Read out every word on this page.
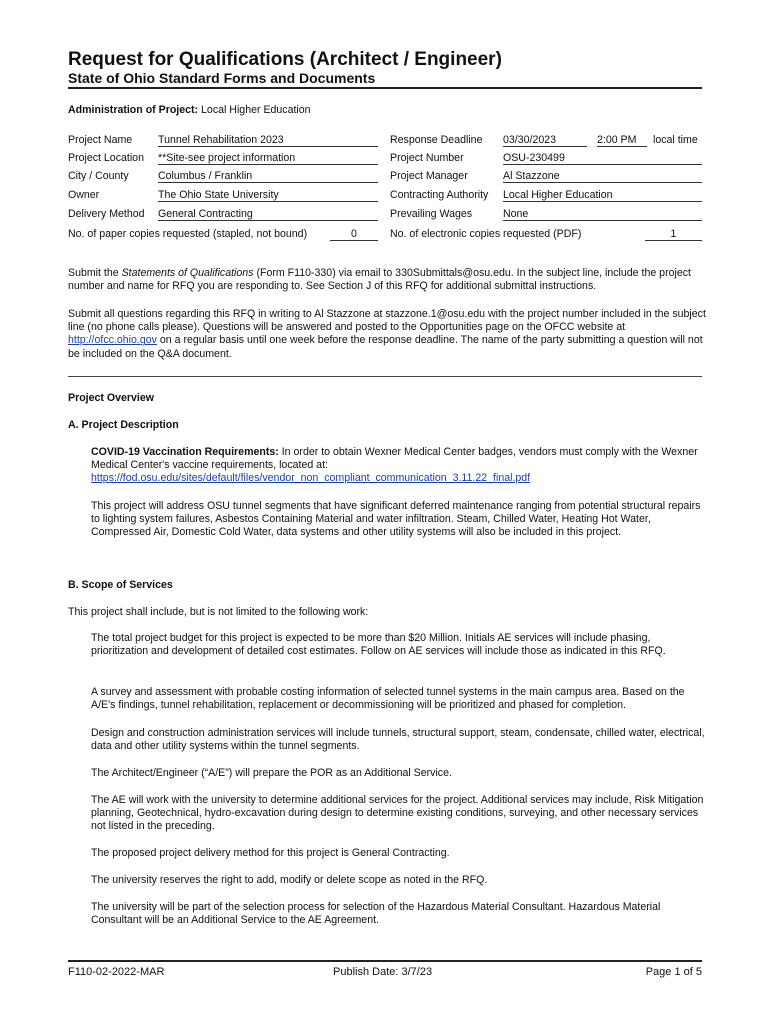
Request for Qualifications (Architect / Engineer)
State of Ohio Standard Forms and Documents
Administration of Project: Local Higher Education
Project Name Tunnel Rehabilitation 2023
Project Location **Site-see project information
City / County	Columbus / Franklin
Owner	The Ohio State University
Delivery Method General Contracting
No. of paper copies requested (stapled, not bound)	0
Response Deadline 03/30/2023	2:00 PM	local time
Project Number	OSU-230499
Project Manager	Al Stazzone
Contracting Authority Local Higher Education
Prevailing Wages	None
No. of electronic copies requested (PDF)	1
Submit the Statements of Qualifications (Form F110-330) via email to 330Submittals@osu.edu. In the subject line, include the project number and name for RFQ you are responding to. See Section J of this RFQ for additional submittal instructions.
Submit all questions regarding this RFQ in writing to Al Stazzone at stazzone.1@osu.edu with the project number included in the subject line (no phone calls please). Questions will be answered and posted to the Opportunities page on the OFCC website at http://ofcc.ohio.gov on a regular basis until one week before the response deadline. The name of the party submitting a question will not be included on the Q&A document.
Project Overview
A. Project Description
COVID-19 Vaccination Requirements: In order to obtain Wexner Medical Center badges, vendors must comply with the Wexner Medical Center's vaccine requirements, located at:
https://fod.osu.edu/sites/default/files/vendor_non_compliant_communication_3.11.22_final.pdf
This project will address OSU tunnel segments that have significant deferred maintenance ranging from potential structural repairs to lighting system failures, Asbestos Containing Material and water infiltration. Steam, Chilled Water, Heating Hot Water, Compressed Air, Domestic Cold Water, data systems and other utility systems will also be included in this project.
B. Scope of Services
This project shall include, but is not limited to the following work:
The total project budget for this project is expected to be more than $20 Million. Initials AE services will include phasing, prioritization and development of detailed cost estimates. Follow on AE services will include those as indicated in this RFQ.
A survey and assessment with probable costing information of selected tunnel systems in the main campus area. Based on the A/E's findings, tunnel rehabilitation, replacement or decommissioning will be prioritized and phased for completion.
Design and construction administration services will include tunnels, structural support, steam, condensate, chilled water, electrical, data and other utility systems within the tunnel segments.
The Architect/Engineer (“A/E”) will prepare the POR as an Additional Service.
The AE will work with the university to determine additional services for the project. Additional services may include, Risk Mitigation planning, Geotechnical, hydro-excavation during design to determine existing conditions, surveying, and other necessary services not listed in the preceding.
The proposed project delivery method for this project is General Contracting.
The university reserves the right to add, modify or delete scope as noted in the RFQ.
The university will be part of the selection process for selection of the Hazardous Material Consultant. Hazardous Material Consultant will be an Additional Service to the AE Agreement.
F110-02-2022-MAR	Publish Date: 3/7/23	Page 1 of 5
